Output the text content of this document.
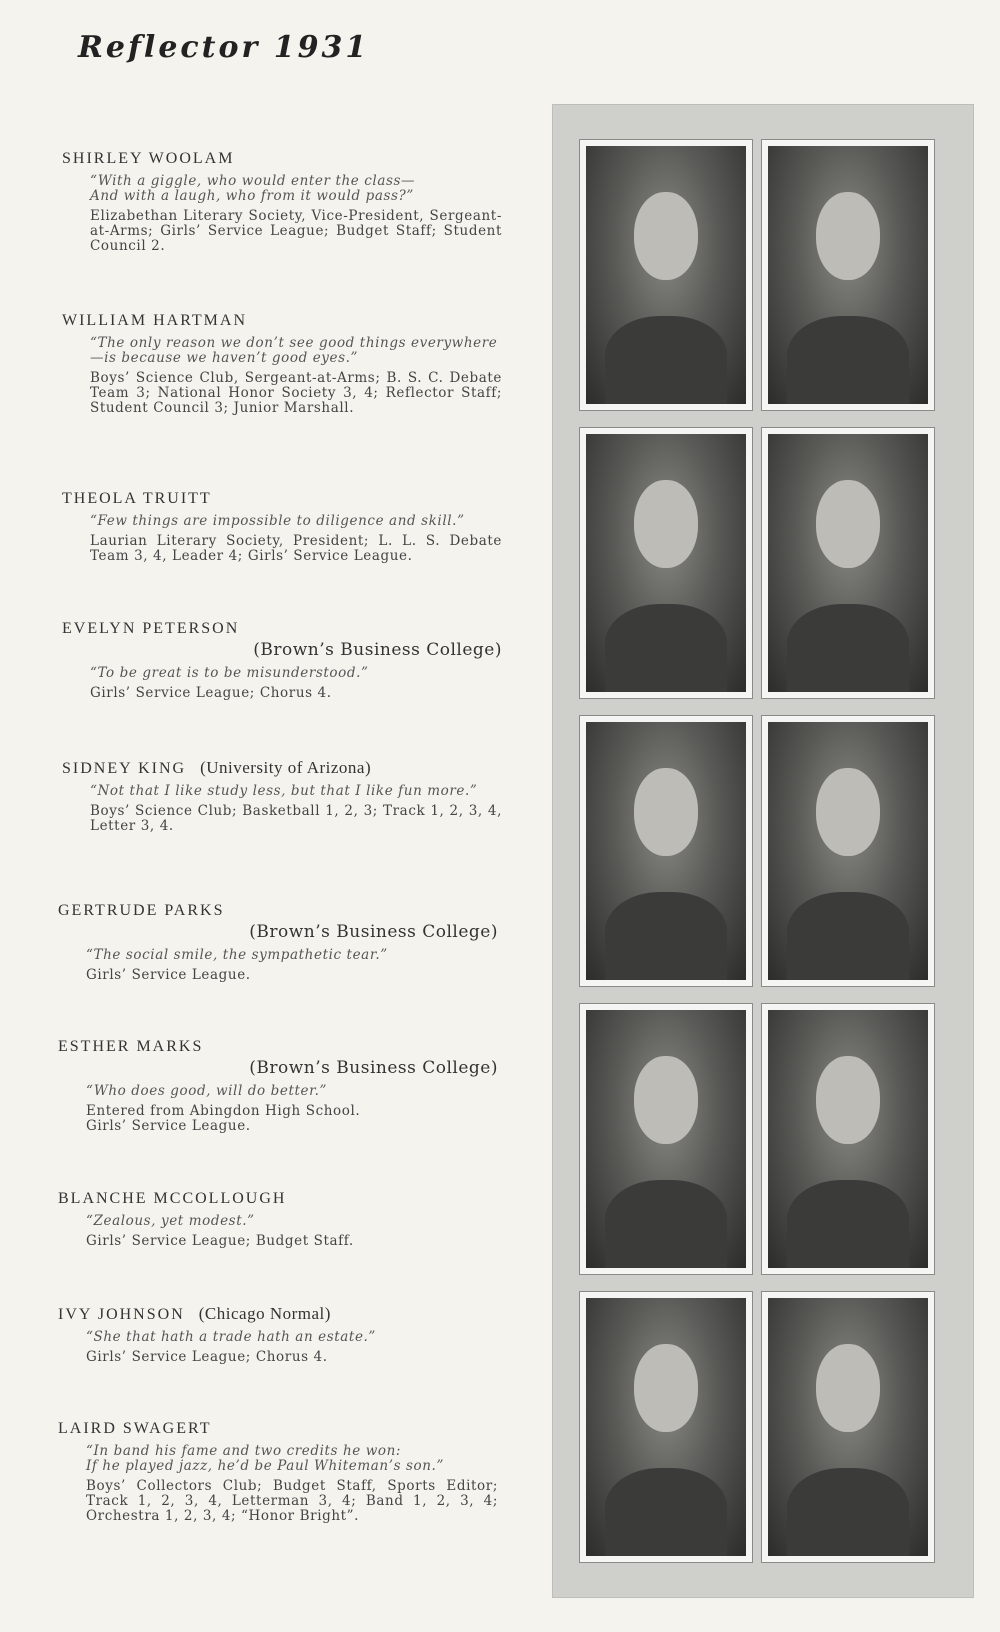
Reflector 1931
SHIRLEY WOOLAM
“With a giggle, who would enter the class—
And with a laugh, who from it would pass?”
Elizabethan Literary Society, Vice-President, Sergeant-at-Arms; Girls’ Service League; Budget Staff; Student Council 2.
WILLIAM HARTMAN
“The only reason we don’t see good things everywhere—is because we haven’t good eyes.”
Boys’ Science Club, Sergeant-at-Arms; B. S. C. Debate Team 3; National Honor Society 3, 4; Reflector Staff; Student Council 3; Junior Marshall.
THEOLA TRUITT
“Few things are impossible to diligence and skill.”
Laurian Literary Society, President; L. L. S. Debate Team 3, 4, Leader 4; Girls’ Service League.
EVELYN PETERSON
(Brown’s Business College)
“To be great is to be misunderstood.”
Girls’ Service League; Chorus 4.
SIDNEY KING (University of Arizona)
“Not that I like study less, but that I like fun more.”
Boys’ Science Club; Basketball 1, 2, 3; Track 1, 2, 3, 4, Letter 3, 4.
GERTRUDE PARKS
(Brown’s Business College)
“The social smile, the sympathetic tear.”
Girls’ Service League.
ESTHER MARKS
(Brown’s Business College)
“Who does good, will do better.”
Entered from Abingdon High School.
Girls’ Service League.
BLANCHE MCCOLLOUGH
“Zealous, yet modest.”
Girls’ Service League; Budget Staff.
IVY JOHNSON (Chicago Normal)
“She that hath a trade hath an estate.”
Girls’ Service League; Chorus 4.
LAIRD SWAGERT
“In band his fame and two credits he won:
If he played jazz, he’d be Paul Whiteman’s son.”
Boys’ Collectors Club; Budget Staff, Sports Editor; Track 1, 2, 3, 4, Letterman 3, 4; Band 1, 2, 3, 4; Orchestra 1, 2, 3, 4; “Honor Bright”.
